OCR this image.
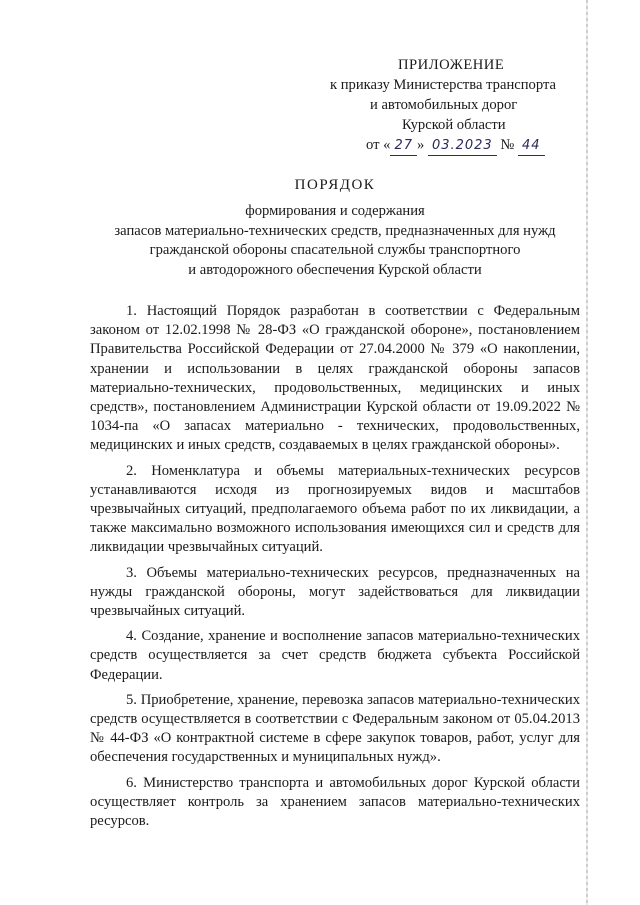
ПРИЛОЖЕНИЕ
к приказу Министерства транспорта
и автомобильных дорог
Курской области
от « 27 » 03.2023 № 44
ПОРЯДОК
формирования и содержания
запасов материально-технических средств, предназначенных для нужд
гражданской обороны спасательной службы транспортного
и автодорожного обеспечения Курской области

1. Настоящий Порядок разработан в соответствии с Федеральным законом от 12.02.1998 № 28-ФЗ «О гражданской обороне», постановлением Правительства Российской Федерации от 27.04.2000 № 379 «О накоплении, хранении и использовании в целях гражданской обороны запасов материально-технических, продовольственных, медицинских и иных средств», постановлением Администрации Курской области от 19.09.2022 № 1034-па «О запасах материально - технических, продовольственных, медицинских и иных средств, создаваемых в целях гражданской обороны».

2. Номенклатура и объемы материальных-технических ресурсов устанавливаются исходя из прогнозируемых видов и масштабов чрезвычайных ситуаций, предполагаемого объема работ по их ликвидации, а также максимально возможного использования имеющихся сил и средств для ликвидации чрезвычайных ситуаций.

3. Объемы материально-технических ресурсов, предназначенных на нужды гражданской обороны, могут задействоваться для ликвидации чрезвычайных ситуаций.

4. Создание, хранение и восполнение запасов материально-технических средств осуществляется за счет средств бюджета субъекта Российской Федерации.

5. Приобретение, хранение, перевозка запасов материально-технических средств осуществляется в соответствии с Федеральным законом от 05.04.2013 № 44-ФЗ «О контрактной системе в сфере закупок товаров, работ, услуг для обеспечения государственных и муниципальных нужд».

6. Министерство транспорта и автомобильных дорог Курской области осуществляет контроль за хранением запасов материально-технических ресурсов.
